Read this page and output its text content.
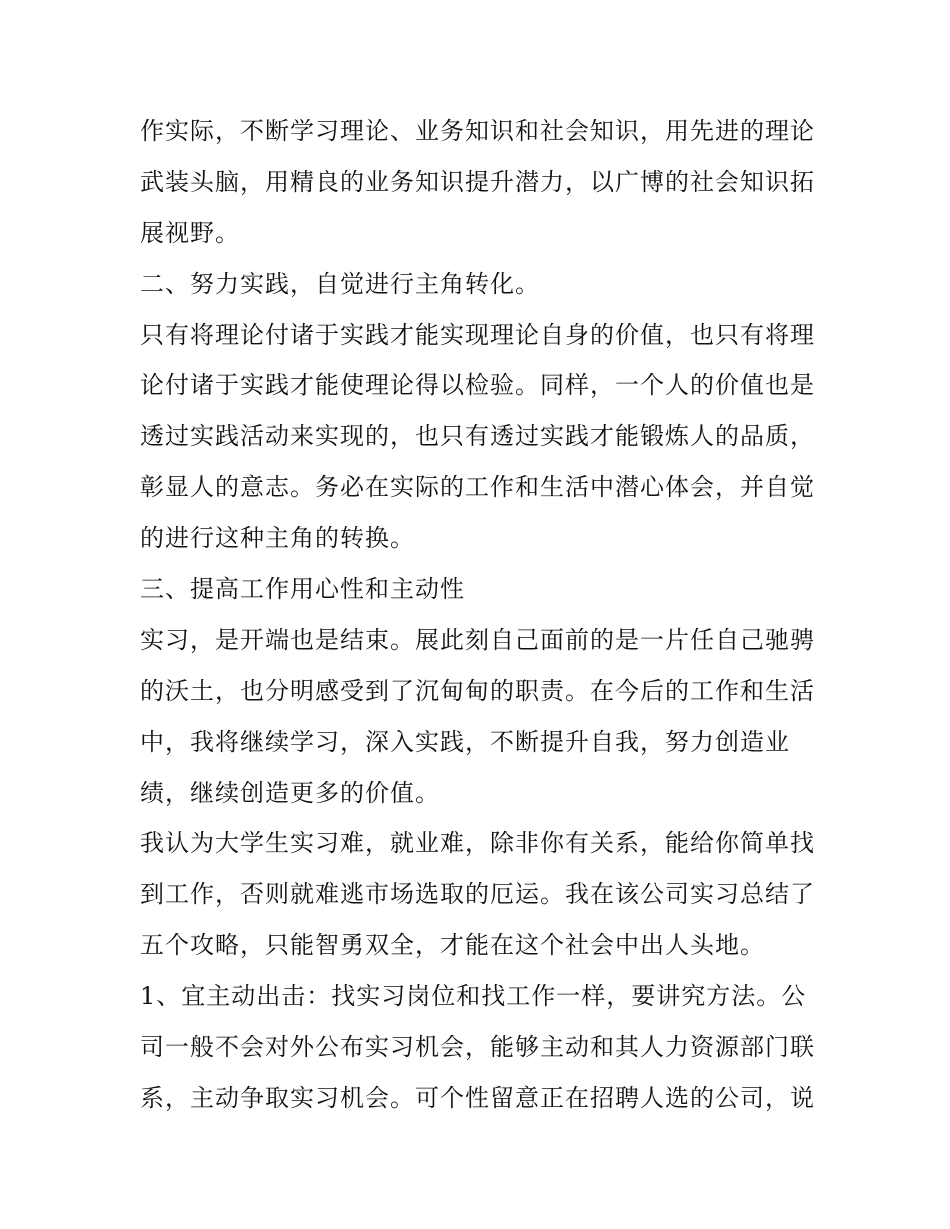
作实际，不断学习理论、业务知识和社会知识，用先进的理论
武装头脑，用精良的业务知识提升潜力，以广博的社会知识拓
展视野。
二、努力实践，自觉进行主角转化。
只有将理论付诸于实践才能实现理论自身的价值，也只有将理
论付诸于实践才能使理论得以检验。同样，一个人的价值也是
透过实践活动来实现的，也只有透过实践才能锻炼人的品质，
彰显人的意志。务必在实际的工作和生活中潜心体会，并自觉
的进行这种主角的转换。
三、提高工作用心性和主动性
实习，是开端也是结束。展此刻自己面前的是一片任自己驰骋
的沃土，也分明感受到了沉甸甸的职责。在今后的工作和生活
中，我将继续学习，深入实践，不断提升自我，努力创造业
绩，继续创造更多的价值。
我认为大学生实习难，就业难，除非你有关系，能给你简单找
到工作，否则就难逃市场选取的厄运。我在该公司实习总结了
五个攻略，只能智勇双全，才能在这个社会中出人头地。
1、宜主动出击：找实习岗位和找工作一样，要讲究方法。公
司一般不会对外公布实习机会，能够主动和其人力资源部门联
系，主动争取实习机会。可个性留意正在招聘人选的公司，说
